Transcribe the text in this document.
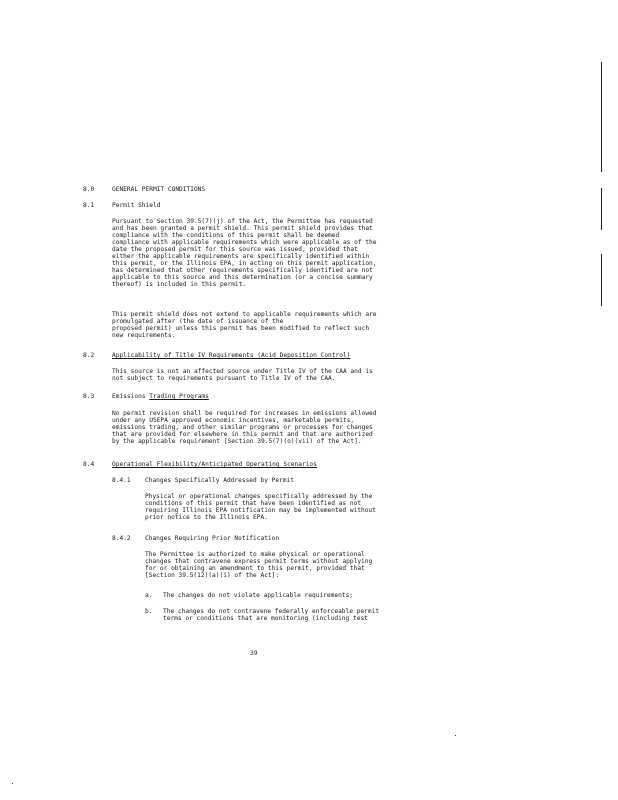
8.0	GENERAL PERMIT CONDITIONS
8.1	Permit Shield
Pursuant to Section 39.5(7)(j) of the Act, the Permittee has requested
and has been granted a permit shield. This permit shield provides that
compliance with the conditions of this permit shall be deemed
compliance with applicable requirements which were applicable as of the
date the proposed permit for this source was issued, provided that
either the applicable requirements are specifically identified within
this permit, or the Illinois EPA, in acting on this permit application,
has determined that other requirements specifically identified are not
applicable to this source and this determination (or a concise summary
thereof) is included in this permit.
This permit shield does not extend to applicable requirements which are
promulgated after (the date of issuance of the
proposed permit) unless this permit has been modified to reflect such
new requirements.
8.2	Applicability of Title IV Requirements (Acid Deposition Control)
This source is not an affected source under Title IV of the CAA and is
not subject to requirements pursuant to Title IV of the CAA.
8.3	Emissions Trading Programs
No permit revision shall be required for increases in emissions allowed
under any USEPA approved economic incentives, marketable permits,
emissions trading, and other similar programs or processes for changes
that are provided for elsewhere in this permit and that are authorized
by the applicable requirement [Section 39.5(7)(o)(vii) of the Act].
8.4	Operational Flexibility/Anticipated Operating Scenarios
8.4.1 Changes Specifically Addressed by Permit
Physical or operational changes specifically addressed by the
conditions of this permit that have been identified as not
requiring Illinois EPA notification may be implemented without
prior notice to the Illinois EPA.
8.4.2 Changes Requiring Prior Notification
The Permittee is authorized to make physical or operational
changes that contravene express permit terms without applying
for or obtaining an amendment to this permit, provided that
[Section 39.5(12)(a)(i) of the Act]:
a. The changes do not violate applicable requirements;
b. The changes do not contravene federally enforceable permit
terms or conditions that are monitoring (including test
39
